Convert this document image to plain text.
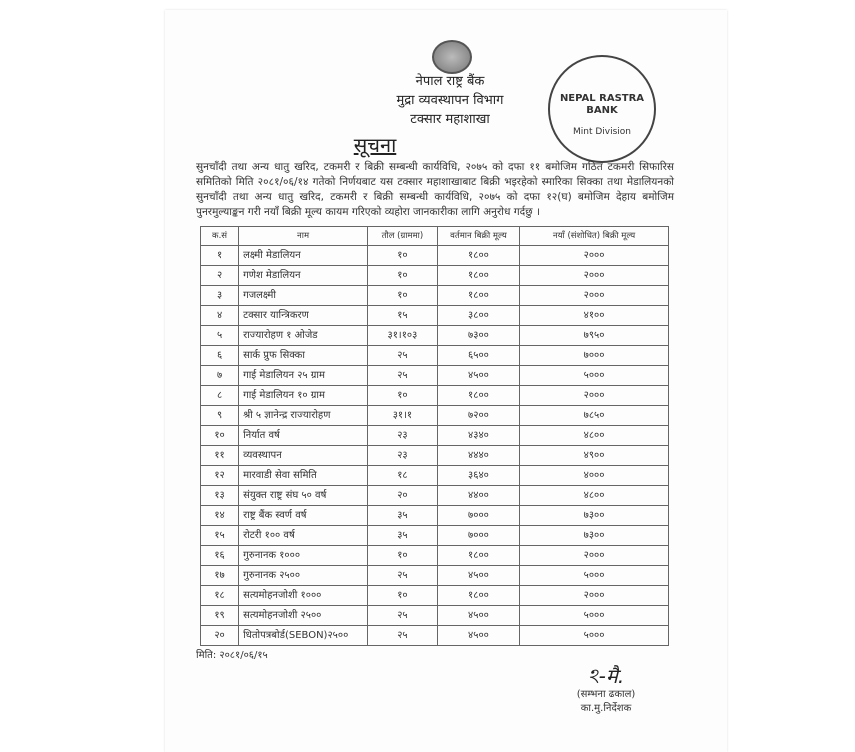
नेपाल राष्ट्र बैंक
मुद्रा व्यवस्थापन विभाग
टक्सार महाशाखा
NEPAL RASTRA BANK
Mint Division
सूचना
सुनचाँदी तथा अन्य धातु खरिद, टकमरी र बिक्री सम्बन्धी कार्यविधि, २०७५ को दफा ११ बमोजिम गठित टकमरी सिफारिस समितिको मिति २०८१/०६/१४ गतेको निर्णयबाट यस टक्सार महाशाखाबाट बिक्री भइरहेको स्मारिका सिक्का तथा मेडालियनको सुनचाँदी तथा अन्य धातु खरिद, टकमरी र बिक्री सम्बन्धी कार्यविधि, २०७५ को दफा १२(घ) बमोजिम देहाय बमोजिम पुनरमुल्याङ्कन गरी नयाँ बिक्री मूल्य कायम गरिएको व्यहोरा जानकारीका लागि अनुरोध गर्दछु ।
क.सं	नाम	तौल (ग्राममा)	वर्तमान बिक्री मूल्य	नयाँ (संशोधित) बिक्री मूल्य
१	लक्ष्मी मेडालियन	१०	१८००	२०००
२	गणेश मेडालियन	१०	१८००	२०००
३	गजलक्ष्मी	१०	१८००	२०००
४	टक्सार यान्त्रिकरण	१५	३८००	४१००
५	राज्यारोहण १ ओजेड	३१।१०३	७३००	७९५०
६	सार्क प्रुफ सिक्का	२५	६५००	७०००
७	गाई मेडालियन २५ ग्राम	२५	४५००	५०००
८	गाई मेडालियन १० ग्राम	१०	१८००	२०००
९	श्री ५ ज्ञानेन्द्र राज्यारोहण	३१।१	७२००	७८५०
१०	निर्यात वर्ष	२३	४३४०	४८००
११	व्यवस्थापन	२३	४४४०	४९००
१२	मारवाडी सेवा समिति	१८	३६४०	४०००
१३	संयुक्त राष्ट्र संघ ५० वर्ष	२०	४४००	४८००
१४	राष्ट्र बैंक स्वर्ण वर्ष	३५	७०००	७३००
१५	रोटरी १०० वर्ष	३५	७०००	७३००
१६	गुरुनानक १०००	१०	१८००	२०००
१७	गुरुनानक २५००	२५	४५००	५०००
१८	सत्यमोहनजोशी १०००	१०	१८००	२०००
१९	सत्यमोहनजोशी २५००	२५	४५००	५०००
२०	धितोपत्रबोर्ड(SEBON)२५००	२५	४५००	५०००
मिति: २०८१/०६/१५
ঽ-मै.
(सम्भना ढकाल)
का.मु.निर्देशक
